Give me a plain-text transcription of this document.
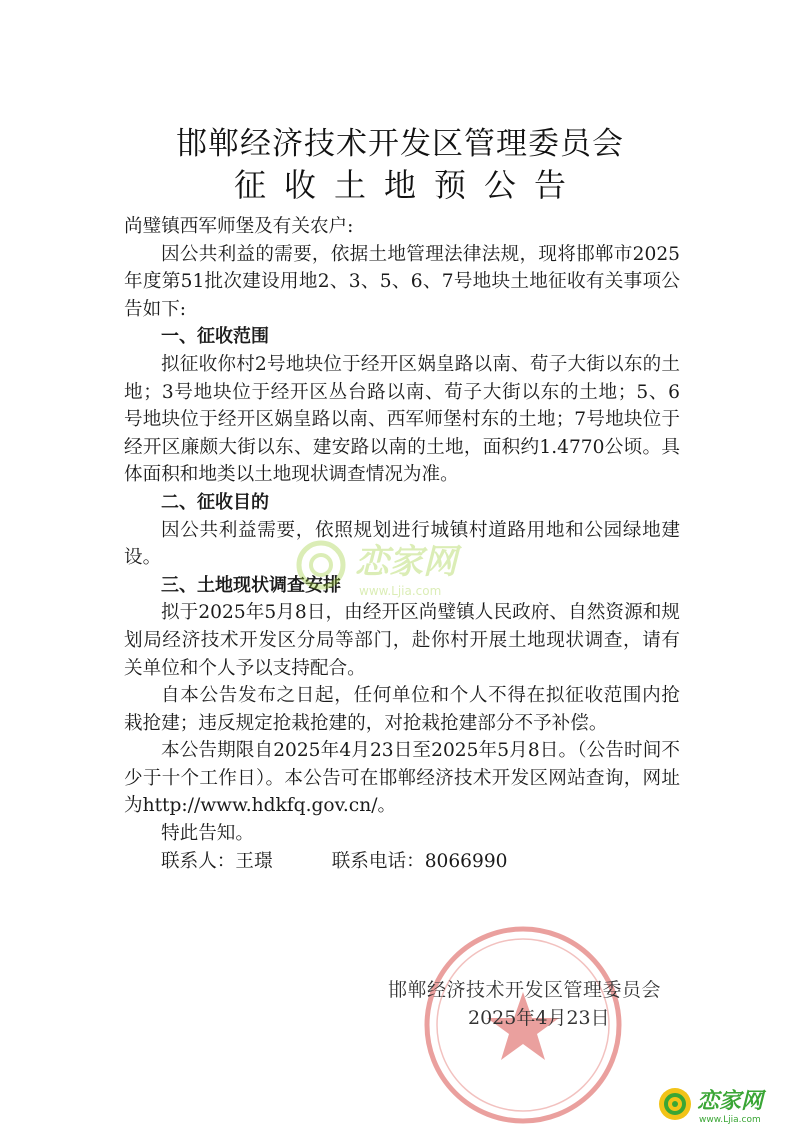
邯郸经济技术开发区管理委员会
征收土地预公告

尚璧镇西军师堡及有关农户:

因公共利益的需要，依据土地管理法律法规，现将邯郸市2025年度第51批次建设用地2、3、5、6、7号地块土地征收有关事项公告如下:

一、征收范围

拟征收你村2号地块位于经开区娲皇路以南、荀子大街以东的土地；3号地块位于经开区丛台路以南、荀子大街以东的土地；5、6号地块位于经开区娲皇路以南、西军师堡村东的土地；7号地块位于经开区廉颇大街以东、建安路以南的土地，面积约1.4770公顷。具体面积和地类以土地现状调查情况为准。

二、征收目的

因公共利益需要，依照规划进行城镇村道路用地和公园绿地建设。

三、土地现状调查安排

拟于2025年5月8日，由经开区尚璧镇人民政府、自然资源和规划局经济技术开发区分局等部门，赴你村开展土地现状调查，请有关单位和个人予以支持配合。

自本公告发布之日起，任何单位和个人不得在拟征收范围内抢栽抢建；违反规定抢栽抢建的，对抢栽抢建部分不予补偿。

本公告期限自2025年4月23日至2025年5月8日。（公告时间不少于十个工作日）。本公告可在邯郸经济技术开发区网站查询，网址为http://www.hdkfq.gov.cn/。

特此告知。

联系人：王璟	联系电话：8066990

恋家网
www.Ljia.com
邯郸经济技术开发区管理委员会
2025年4月23日
恋家网
www.Ljia.com
